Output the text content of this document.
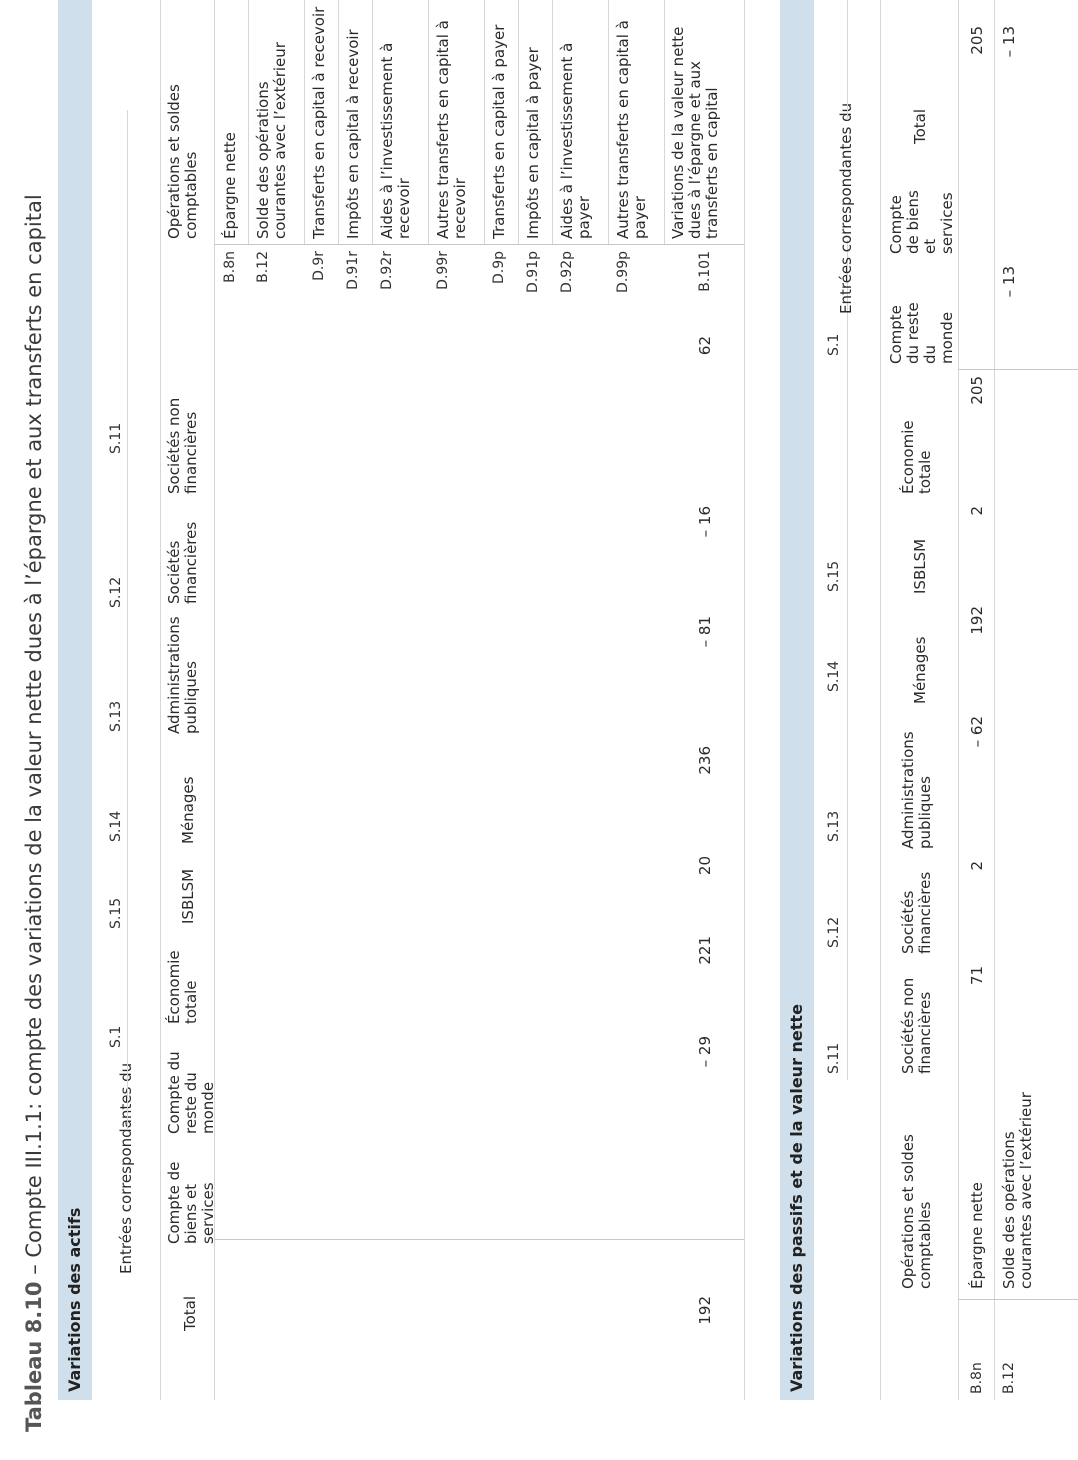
Tableau 8.10 – Compte III.1.1: compte des variations de la valeur nette dues à l’épargne et aux transferts en capital
Variations des actifs
Entrées correspondantes du
S.1
S.15
S.14
S.13
S.12
S.11
Total
Compte de biens et services
Compte du reste du monde
Économie totale
ISBLSM
Ménages
Administrations publiques
Sociétés financières
Sociétés non financières
Opérations et soldes comptables
B.8n
Épargne nette
B.12
Solde des opérations courantes avec l’extérieur
D.9r
Transferts en capital à recevoir
D.91r
Impôts en capital à recevoir
D.92r
Aides à l’investissement à recevoir
D.99r
Autres transferts en capital à recevoir
D.9p
Transferts en capital à payer
D.91p
Impôts en capital à payer
D.92p
Aides à l’investissement à payer
D.99p
Autres transferts en capital à payer
192
– 29
221
20
236
– 81
– 16
62
B.101
Variations de la valeur nette dues à l’épargne et aux transferts en capital
Variations des passifs et de la valeur nette	S.11
S.12
S.13
S.14
S.15
S.1
Entrées correspondantes du
Opérations et soldes comptables
Sociétés non financières
Sociétés financières
Administrations publiques
Ménages
ISBLSM
Économie totale
Compte du reste du monde
Compte de biens et services
Total
B.8n
Épargne nette
71
2
– 62
192
2
205
205
B.12
Solde des opérations courantes avec l’extérieur
– 13
– 13
